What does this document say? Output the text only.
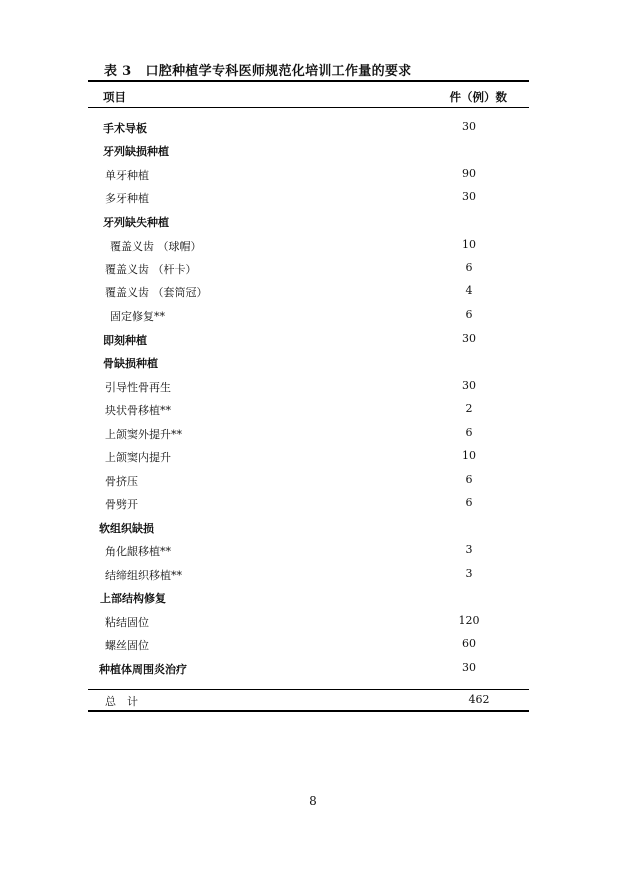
表 3 口腔种植学专科医师规范化培训工作量的要求
项目	件（例）数
手术导板	30
牙列缺损种植
单牙种植	90
多牙种植	30
牙列缺失种植
覆盖义齿 （球帽）	10
覆盖义齿 （杆卡）	6
覆盖义齿 （套筒冠）	4
固定修复**	6
即刻种植	30
骨缺损种植
引导性骨再生	30
块状骨移植**	2
上颌窦外提升**	6
上颌窦内提升	10
骨挤压	6
骨劈开	6
软组织缺损
角化龈移植**	3
结缔组织移植**	3
上部结构修复
粘结固位	120
螺丝固位	60
种植体周围炎治疗	30
总　计	462
8
